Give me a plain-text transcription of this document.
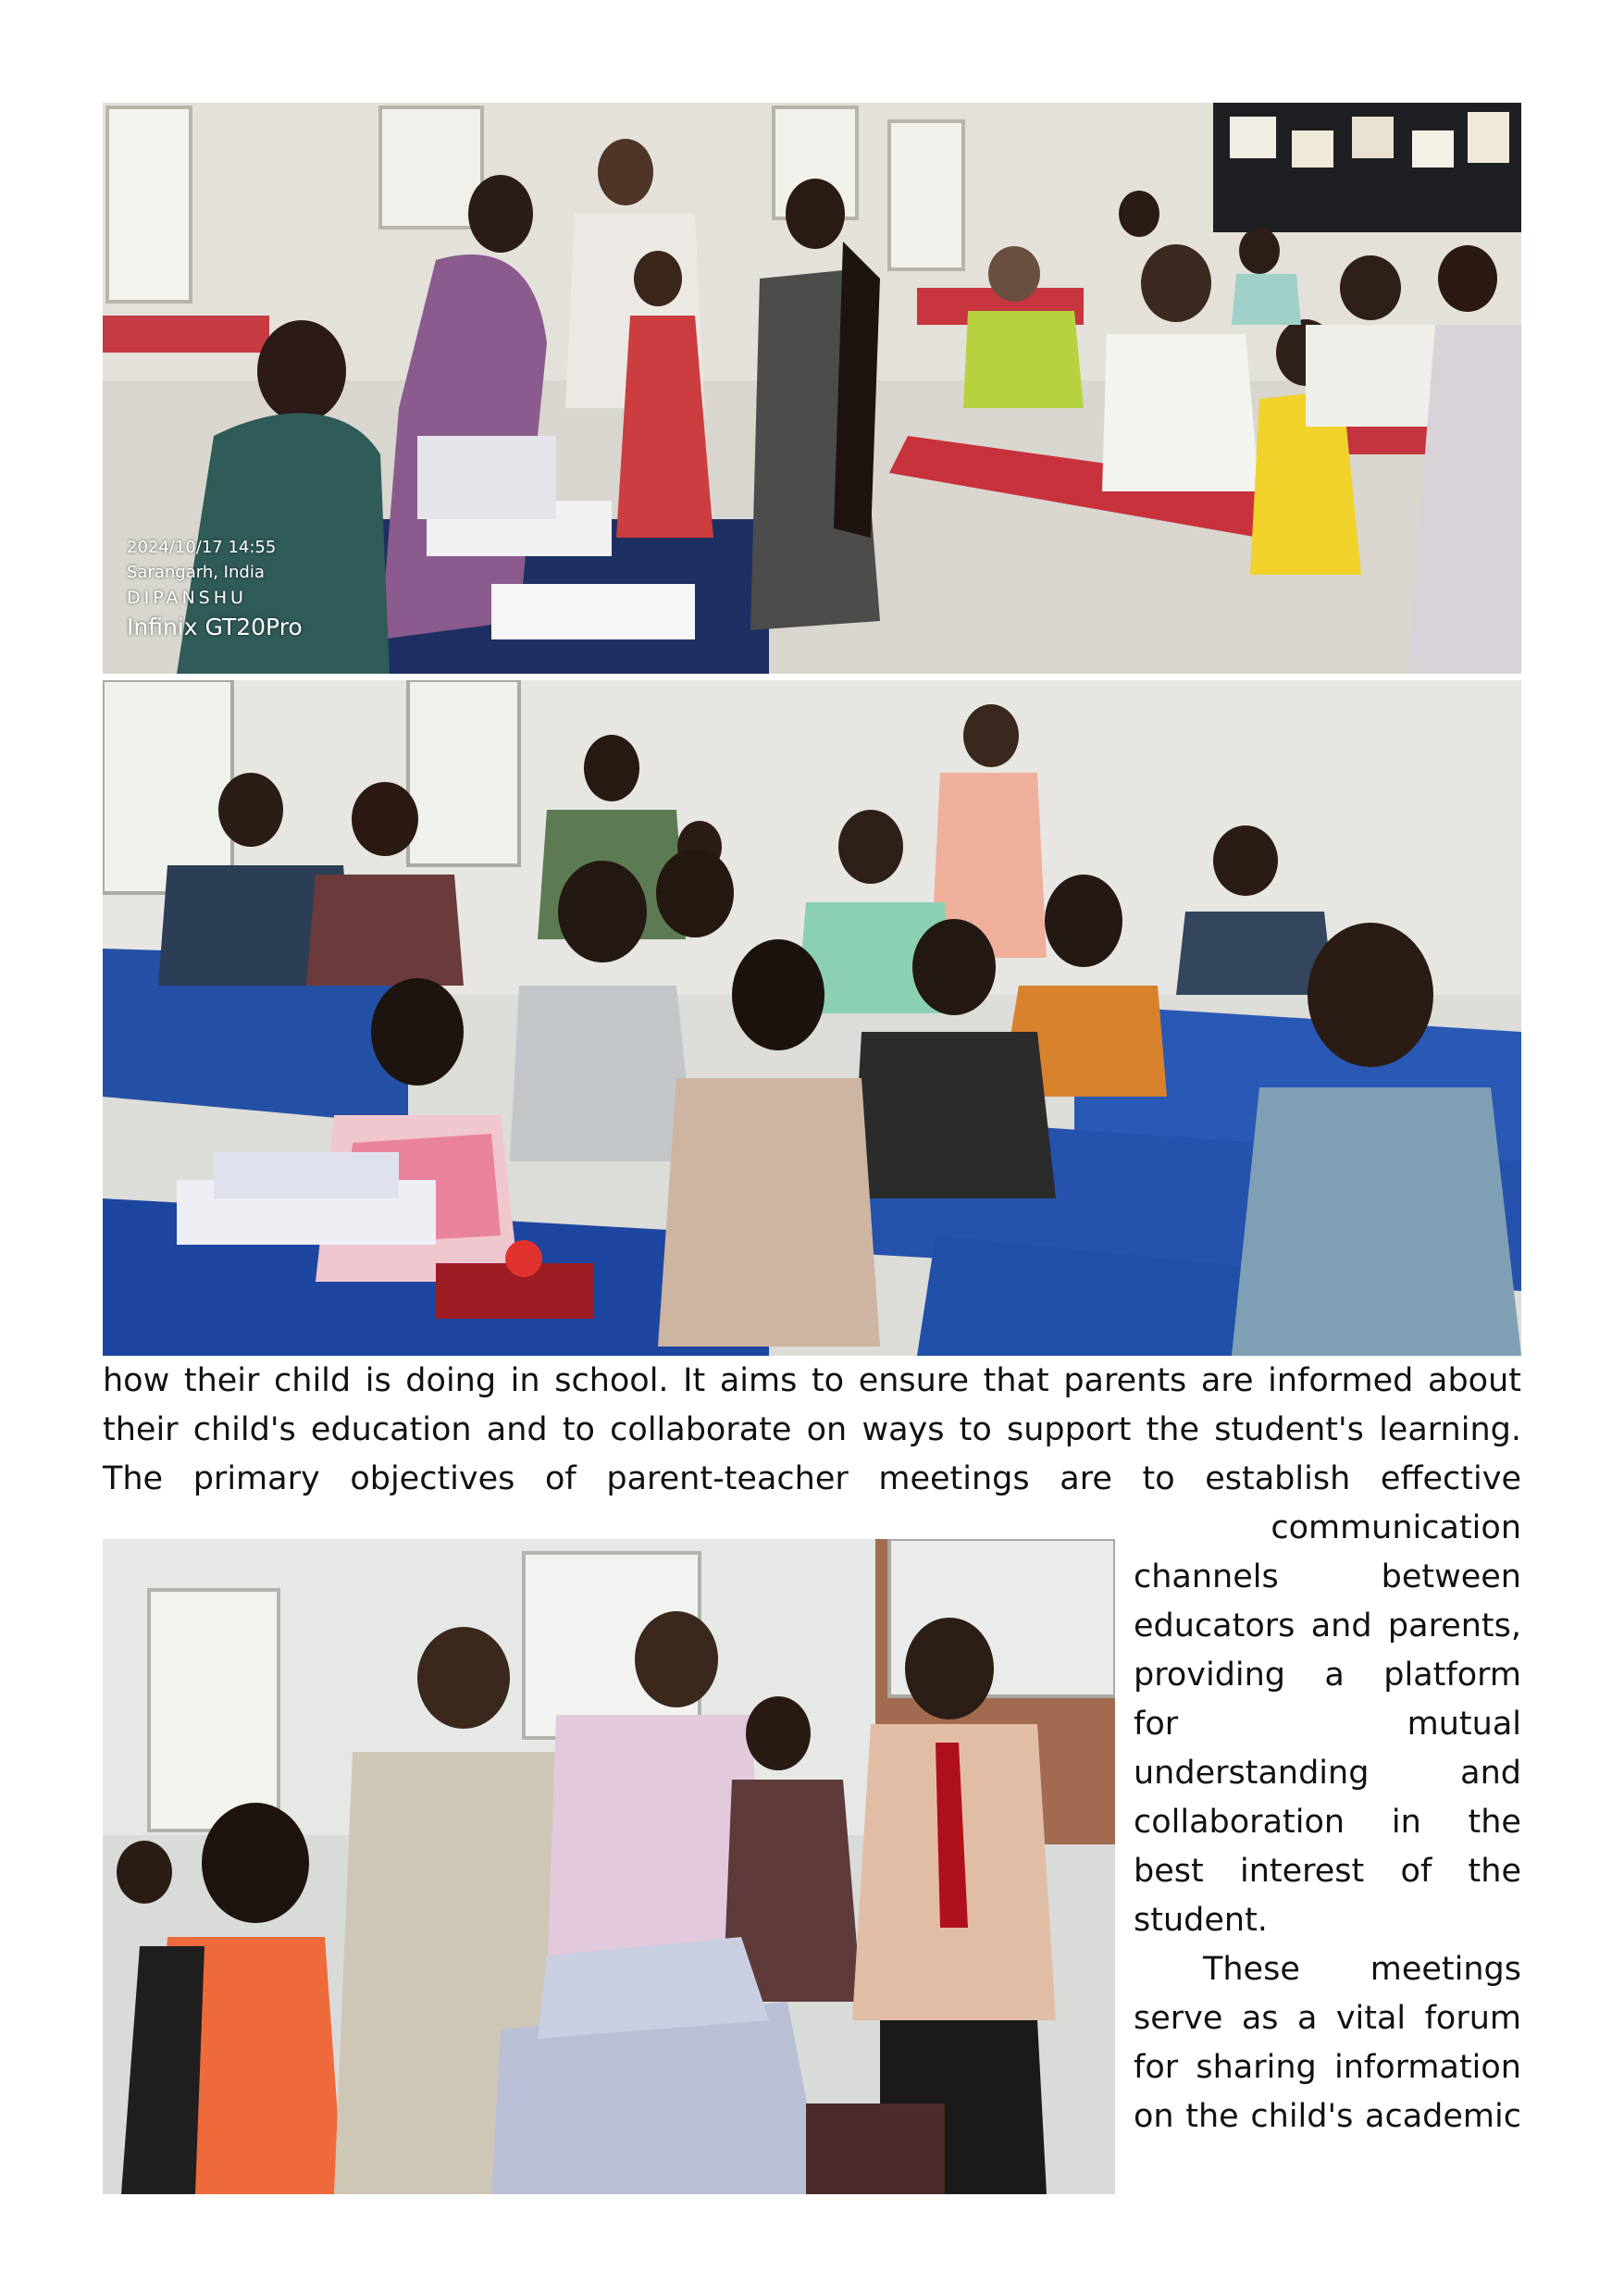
2024/10/17 14:55
Sarangarh, India
DIPANSHU
Infinix GT20Pro
how their child is doing in school. It aims to ensure that parents are informed about
their child's education and to collaborate on ways to support the student's learning.
The primary objectives of parent-teacher meetings are to establish effective
communication
channels	between
educators and parents,
providing a platform
for	mutual
understanding	and
collaboration in the
best interest of the
student.
These meetings
serve as a vital forum
for sharing information
on the child's academic
